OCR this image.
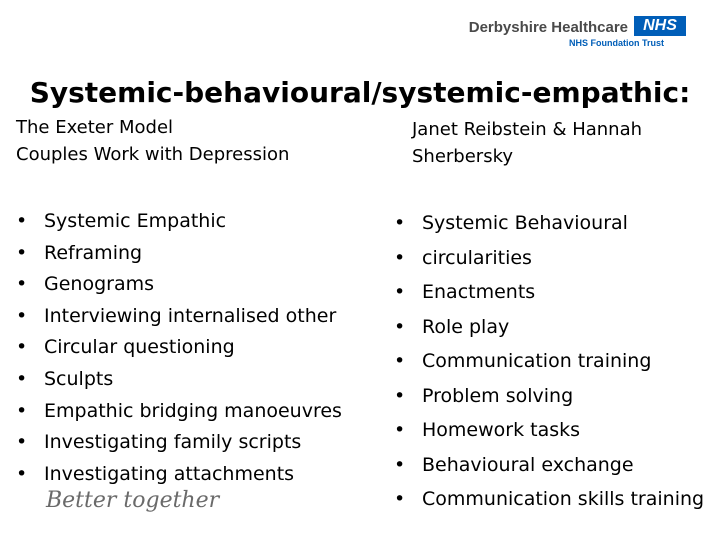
Derbyshire Healthcare NHS
NHS Foundation Trust
Systemic-behavioural/systemic-empathic:
The Exeter Model
Couples Work with Depression
Janet Reibstein & Hannah
Sherbersky
• Systemic Empathic
• Reframing
• Genograms
• Interviewing internalised other
• Circular questioning
• Sculpts
• Empathic bridging manoeuvres
• Investigating family scripts
• Investigating attachments
• Systemic Behavioural
• circularities
• Enactments
• Role play
• Communication training
• Problem solving
• Homework tasks
• Behavioural exchange
• Communication skills training
Better together
